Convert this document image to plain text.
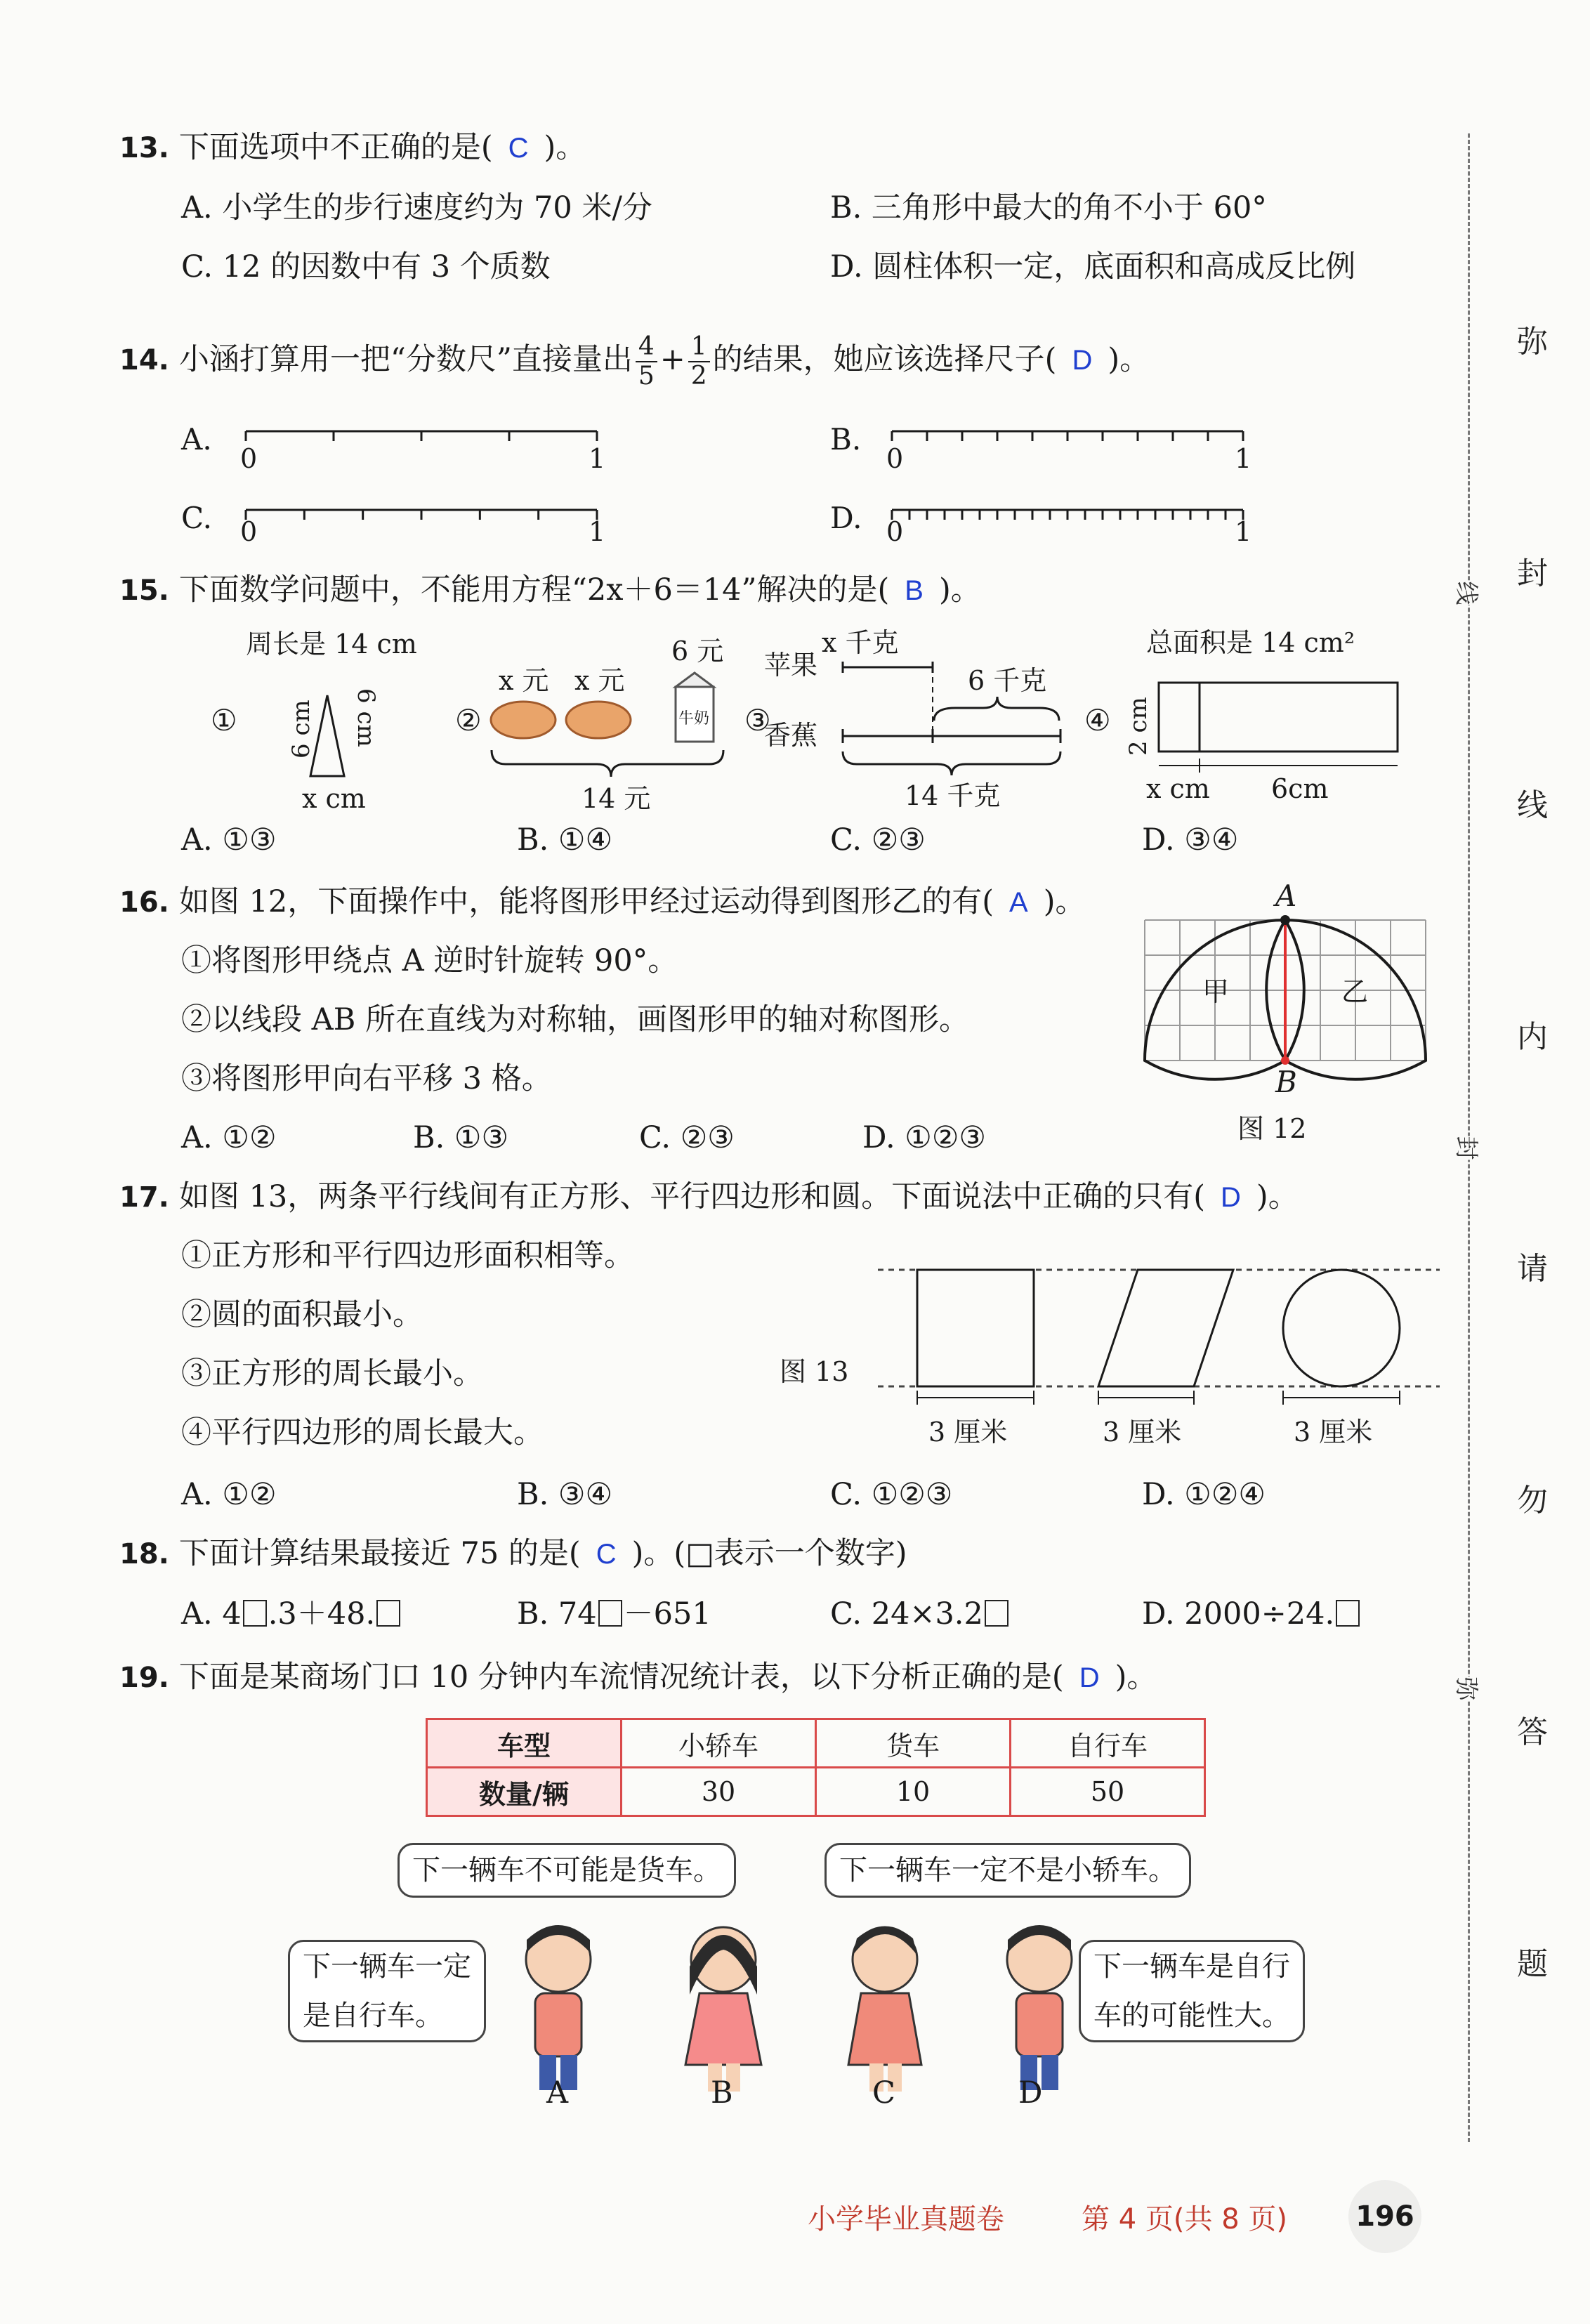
13. 下面选项中不正确的是( C )。
A. 小学生的步行速度约为 70 米/分	B. 三角形中最大的角不小于 60°
C. 12 的因数中有 3 个质数	D. 圆柱体积一定，底面积和高成反比例
14. 小涵打算用一把“分数尺”直接量出 $\frac{4}{5} + \frac{1}{2}$ 的结果，她应该选择尺子( D )。
A.	B.
C.	D.
0	1	0	1
0	1	0	1
15. 下面数学问题中，不能用方程“2x＋6＝14”解决的是( B )。
①
周长是 14 cm
6 cm 6 cm
x cm
②
x 元 x 元
6 元
牛奶
14 元
③
苹果
香蕉
x 千克
6 千克
14 千克
④
总面积是 14 cm²
2 cm
x cm 6cm
A. ①③	B. ①④	C. ②③	D. ③④
16. 如图 12，下面操作中，能将图形甲经过运动得到图形乙的有( A )。
①将图形甲绕点 A 逆时针旋转 90°。
②以线段 AB 所在直线为对称轴，画图形甲的轴对称图形。
③将图形甲向右平移 3 格。
A. ①②	B. ①③	C. ②③	D. ①②③
A
B
甲	乙
图 12
17. 如图 13，两条平行线间有正方形、平行四边形和圆。下面说法中正确的只有( D )。
①正方形和平行四边形面积相等。
②圆的面积最小。
③正方形的周长最小。
④平行四边形的周长最大。
A. ①②	B. ③④	C. ①②③	D. ①②④
图 13
3 厘米	3 厘米	3 厘米
18. 下面计算结果最接近 75 的是( C )。(□表示一个数字)
A. 4 .3＋48.	B. 74 －651	C. 24×3.2	D. 2000÷24.
19. 下面是某商场门口 10 分钟内车流情况统计表，以下分析正确的是( D )。
车型	小轿车	货车	自行车
数量/辆	30	10	50
下一辆车一定
是自行车。
下一辆车不可能是货车。	下一辆车一定不是小轿车。
下一辆车是自行
车的可能性大。
A	B	C	D
弥
封
线
内
请
勿
答
题
线
封
弥
小学毕业真题卷	第 4 页(共 8 页) 196
